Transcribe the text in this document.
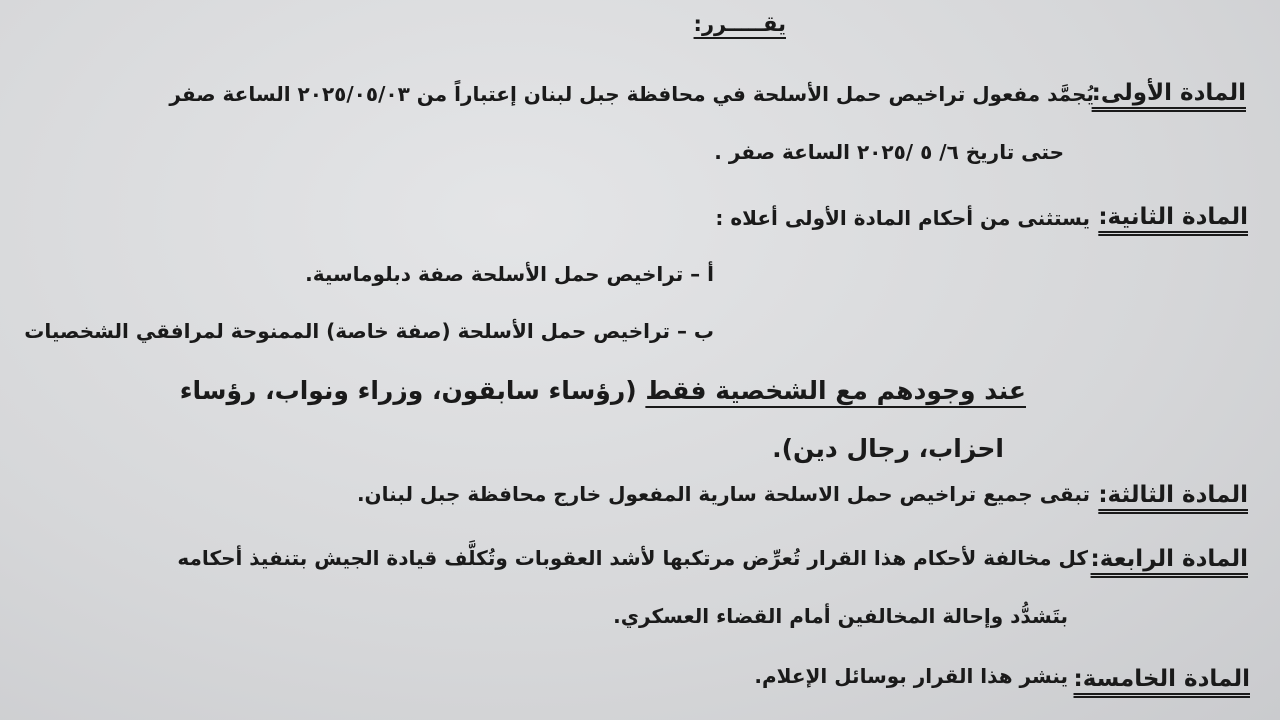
يقـــــرر:
المادة الأولى:
يُجمَّد مفعول تراخيص حمل الأسلحة في محافظة جبل لبنان إعتباراً من ٢٠٢٥/٠٥/٠٣ الساعة صفر
حتى تاريخ ٦/ ٥ /٢٠٢٥ الساعة صفر .
المادة الثانية:
يستثنى من أحكام المادة الأولى أعلاه :
أ – تراخيص حمل الأسلحة صفة دبلوماسية.
ب – تراخيص حمل الأسلحة (صفة خاصة) الممنوحة لمرافقي الشخصيات
عند وجودهم مع الشخصية فقط (رؤساء سابقون، وزراء ونواب، رؤساء
احزاب، رجال دين).
المادة الثالثة:
تبقى جميع تراخيص حمل الاسلحة سارية المفعول خارج محافظة جبل لبنان.
المادة الرابعة:
كل مخالفة لأحكام هذا القرار تُعرِّض مرتكبها لأشد العقوبات وتُكلَّف قيادة الجيش بتنفيذ أحكامه
بتَشدُّد وإحالة المخالفين أمام القضاء العسكري.
المادة الخامسة:
ينشر هذا القرار بوسائل الإعلام.
